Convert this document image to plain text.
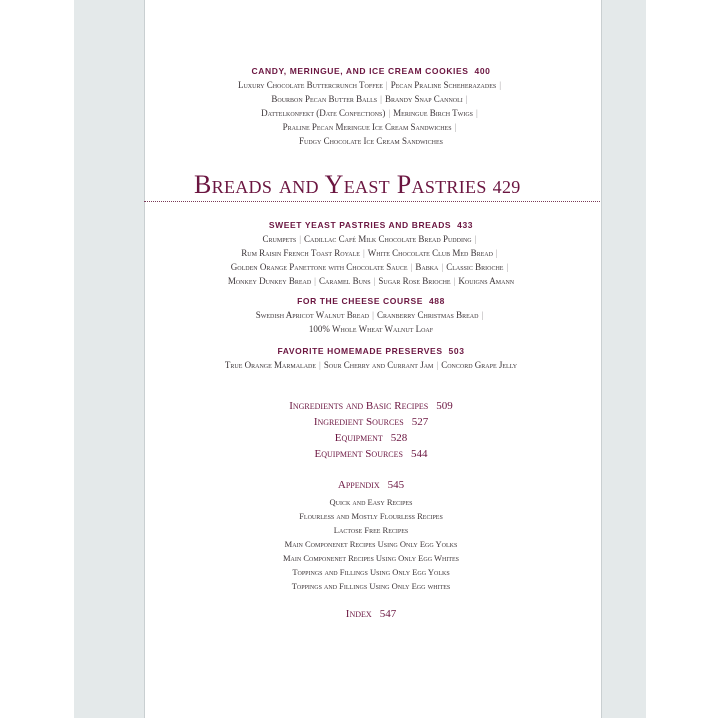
CANDY, MERINGUE, AND ICE CREAM COOKIES 400
Luxury Chocolate Buttercrunch Toffee | Pecan Praline Scheherazades |
Bourbon Pecan Butter Balls | Brandy Snap Cannoli |
Dattelkonfekt (Date Confections) | Meringue Birch Twigs |
Praline Pecan Meringue Ice Cream Sandwiches |
Fudgy Chocolate Ice Cream Sandwiches
Breads and Yeast Pastries 429
SWEET YEAST PASTRIES AND BREADS 433
Crumpets | Cadillac Café Milk Chocolate Bread Pudding |
Rum Raisin French Toast Royale | White Chocolate Club Med Bread |
Golden Orange Panettone with Chocolate Sauce | Babka | Classic Brioche |
Monkey Dunkey Bread | Caramel Buns | Sugar Rose Brioche | Kouigns Amann
FOR THE CHEESE COURSE 488
Swedish Apricot Walnut Bread | Cranberry Christmas Bread |
100% Whole Wheat Walnut Loaf
FAVORITE HOMEMADE PRESERVES 503
True Orange Marmalade | Sour Cherry and Currant Jam | Concord Grape Jelly
Ingredients and Basic Recipes 509
Ingredient Sources 527
Equipment 528
Equipment Sources 544
Appendix 545
Quick and Easy Recipes
Flourless and Mostly Flourless Recipes
Lactose Free Recipes
Main Componenet Recipes Using Only Egg Yolks
Main Componenet Recipes Using Only Egg Whites
Toppings and Fillings Using Only Egg Yolks
Toppings and Fillings Using Only Egg whites
Index 547
